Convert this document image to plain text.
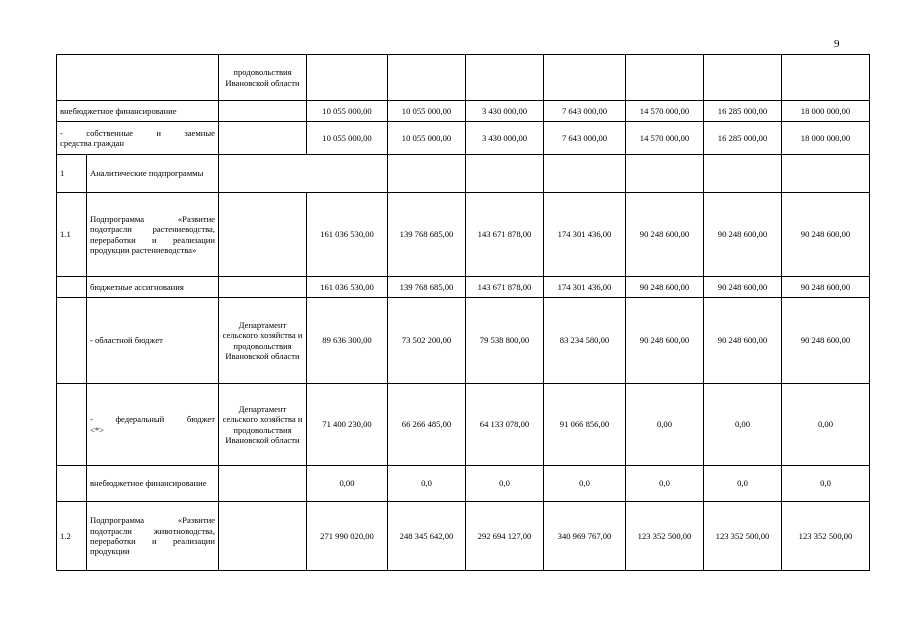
9
		продовольствия Ивановской области							
внебюджетное финансирование			10 055 000,00	10 055 000,00	3 430 000,00	7 643 000,00	14 570 000,00	16 285 000,00	18 000 000,00

- собственные и заемные
средства граждан			10 055 000,00	10 055 000,00	3 430 000,00	7 643 000,00	14 570 000,00	16 285 000,00	18 000 000,00
1	Аналитические подпрограммы								
1.1	Подпрограмма «Развитие подотрасли растениеводства, переработки и реализации продукции растениеводства»		161 036 530,00	139 768 685,00	143 671 878,00	174 301 436,00	90 248 600,00	90 248 600,00	90 248 600,00
	бюджетные ассигнования		161 036 530,00	139 768 685,00	143 671 878,00	174 301 436,00	90 248 600,00	90 248 600,00	90 248 600,00
	- областной бюджет	Департамент сельского хозяйства и продовольствия Ивановской области	89 636 300,00	73 502 200,00	79 538 800,00	83 234 580,00	90 248 600,00	90 248 600,00	90 248 600,00

	- федеральный бюджет
<*>	Департамент сельского хозяйства и продовольствия Ивановской области	71 400 230,00	66 266 485,00	64 133 078,00	91 066 856,00	0,00	0,00	0,00
	внебюджетное финансирование		0,00	0,0	0,0	0,0	0,0	0,0	0,0
1.2	Подпрограмма «Развитие подотрасли животноводства, переработки и реализации продукции		271 990 020,00	248 345 642,00	292 694 127,00	340 969 767,00	123 352 500,00	123 352 500,00	123 352 500,00
